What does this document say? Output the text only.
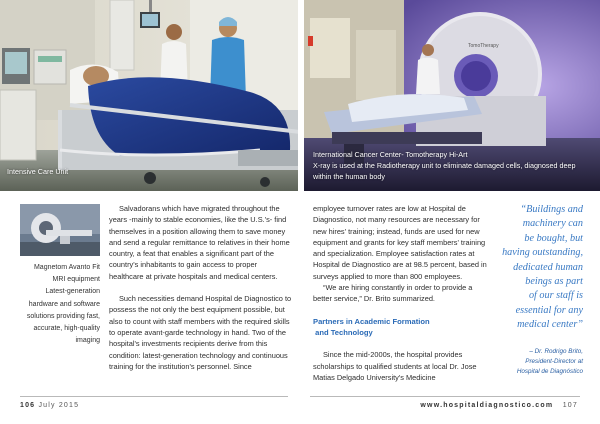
Intensive Care Unit
TomoTherapy
International Cancer Center- Tomotherapy Hi-Art
X-ray is used at the Radiotherapy unit to eliminate damaged cells, diagnosed deep
within the human body
Magnetom Avanto Fit
MRI equipment
Latest-generation
hardware and software
solutions providing fast,
accurate, high-quality
imaging

Salvadorans which have migrated throughout the years -mainly to stable economies, like the U.S.'s- find themselves in a position allowing them to save money and send a regular remittance to relatives in their home country, a feat that enables a significant part of the country's inhabitants to gain access to proper healthcare at private hospitals and medical centers.

Such necessities demand Hospital de Diagnostico to possess the not only the best equipment possible, but also to count with staff members with the required skills to operate avant-garde technology in hand. Two of the hospital's investments recipients derive from this condition: latest-generation technology and continuous training for the institution's personnel. Since

employee turnover rates are low at Hospital de Diagnostico, not many resources are necessary for new hires' training; instead, funds are used for new equipment and grants for key staff members' training and specialization. Employee satisfaction rates at Hospital de Diagnostico are at 98.5 percent, based in surveys applied to more than 800 employees.

“We are hiring constantly in order to provide a better service,” Dr. Brito summarized.

Partners in Academic Formation
and Technology

Since the mid-2000s, the hospital provides scholarships to qualified students at local Dr. Jose Matias Delgado University's Medicine

“Buildings and
machinery can
be bought, but
having outstanding,
dedicated human
beings as part
of our staff is
essential for any
medical center”
– Dr. Rodrigo Brito,
President-Director at
Hospital de Diagnóstico
106 July 2015	www.hospitaldiagnostico.com 107
